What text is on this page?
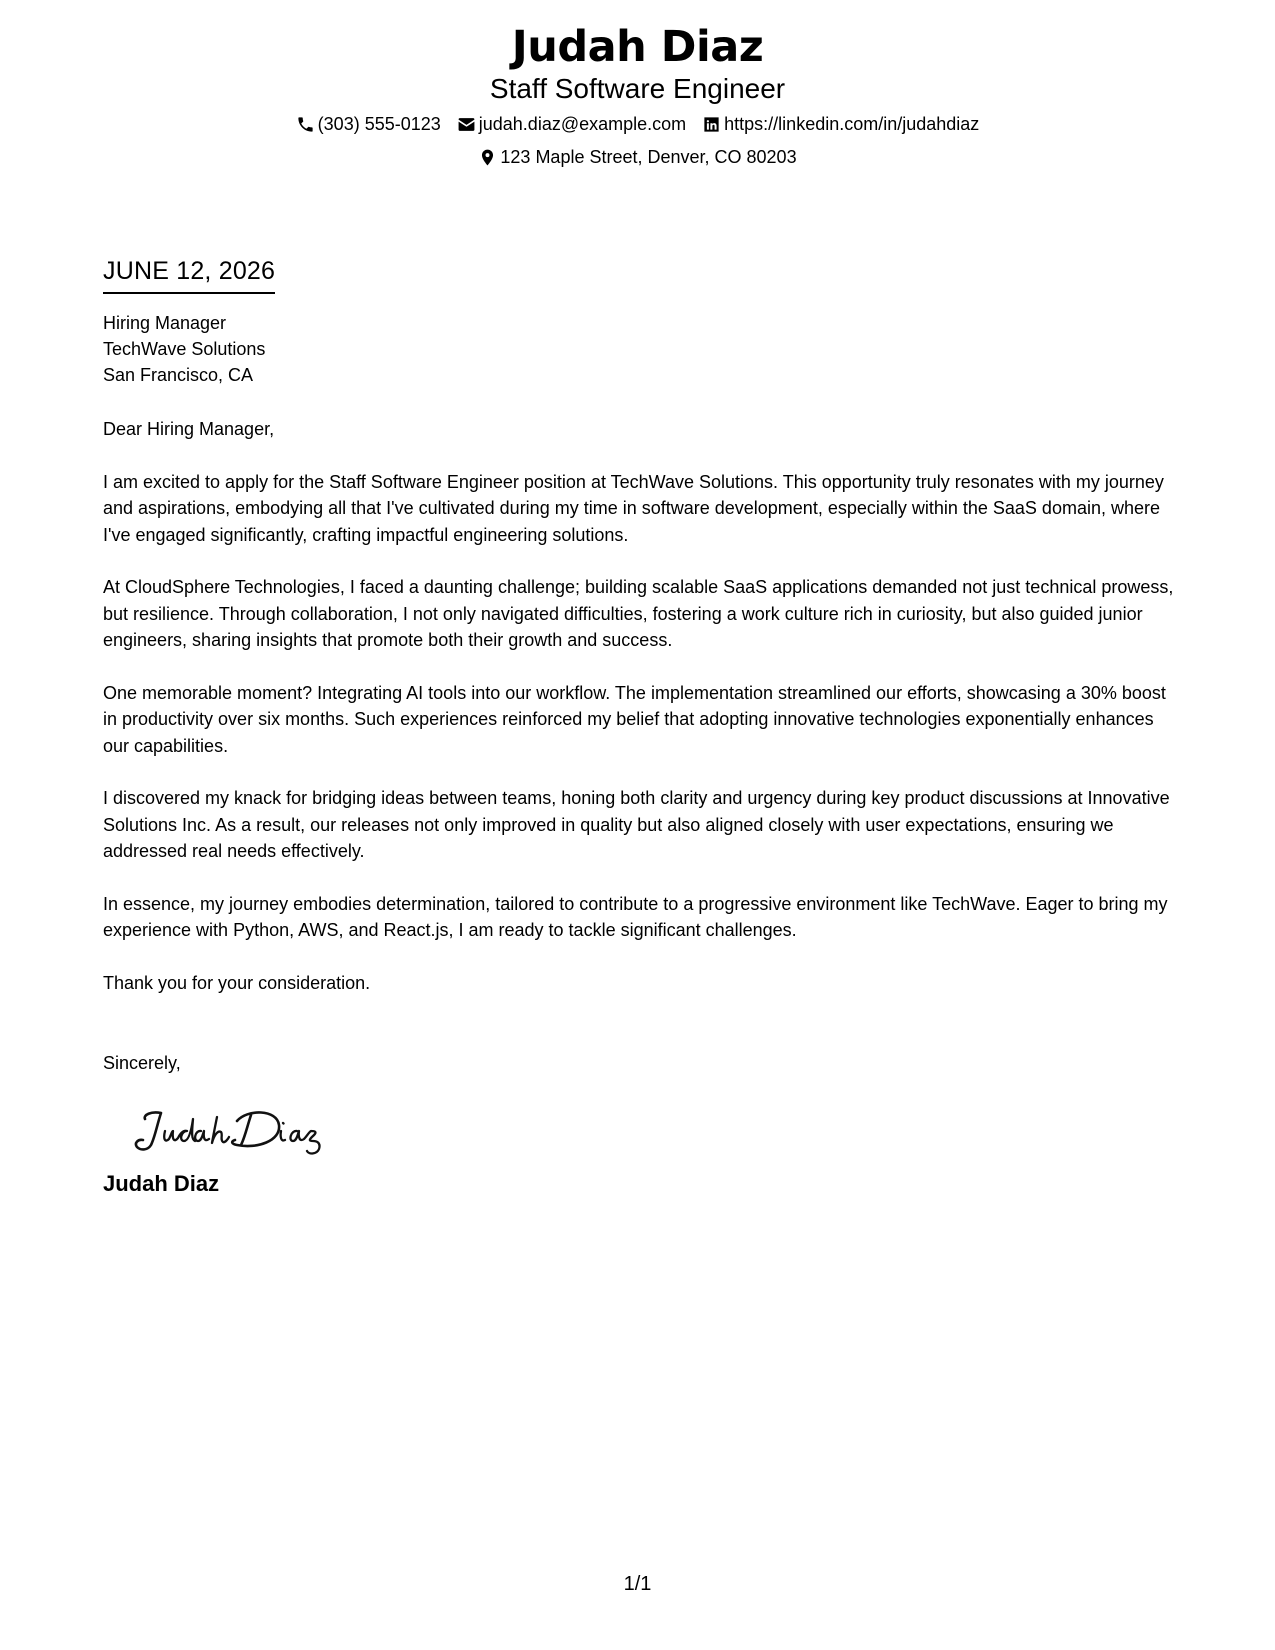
Judah Diaz
Staff Software Engineer
(303) 555-0123 judah.diaz@example.com https://linkedin.com/in/judahdiaz
123 Maple Street, Denver, CO 80203
JUNE 12, 2026
Hiring Manager
TechWave Solutions
San Francisco, CA
Dear Hiring Manager,

I am excited to apply for the Staff Software Engineer position at TechWave Solutions. This opportunity truly resonates with my journey and aspirations, embodying all that I've cultivated during my time in software development, especially within the SaaS domain, where I've engaged significantly, crafting impactful engineering solutions.

At CloudSphere Technologies, I faced a daunting challenge; building scalable SaaS applications demanded not just technical prowess, but resilience. Through collaboration, I not only navigated difficulties, fostering a work culture rich in curiosity, but also guided junior engineers, sharing insights that promote both their growth and success.

One memorable moment? Integrating AI tools into our workflow. The implementation streamlined our efforts, showcasing a 30% boost in productivity over six months. Such experiences reinforced my belief that adopting innovative technologies exponentially enhances our capabilities.

I discovered my knack for bridging ideas between teams, honing both clarity and urgency during key product discussions at Innovative Solutions Inc. As a result, our releases not only improved in quality but also aligned closely with user expectations, ensuring we addressed real needs effectively.

In essence, my journey embodies determination, tailored to contribute to a progressive environment like TechWave. Eager to bring my experience with Python, AWS, and React.js, I am ready to tackle significant challenges.

Thank you for your consideration.
Sincerely,
Judah Diaz
1/1
